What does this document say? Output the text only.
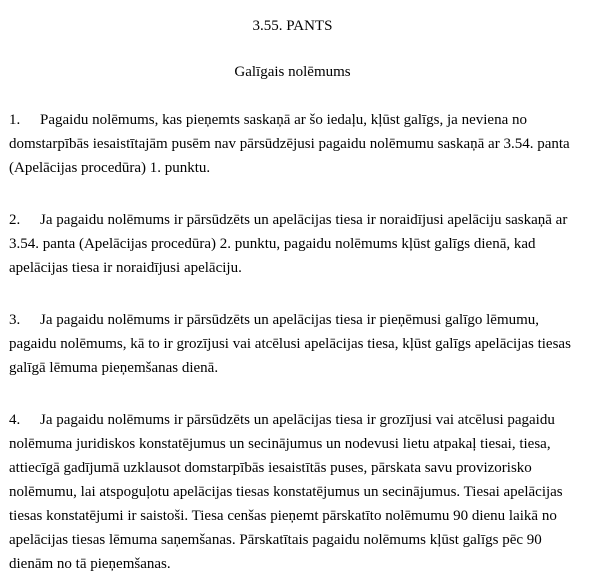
3.55. PANTS
Galīgais nolēmums

1. Pagaidu nolēmums, kas pieņemts saskaņā ar šo iedaļu, kļūst galīgs, ja neviena no domstarpībās iesaistītajām pusēm nav pārsūdzējusi pagaidu nolēmumu saskaņā ar 3.54. panta (Apelācijas procedūra) 1. punktu.

2. Ja pagaidu nolēmums ir pārsūdzēts un apelācijas tiesa ir noraidījusi apelāciju saskaņā ar 3.54. panta (Apelācijas procedūra) 2. punktu, pagaidu nolēmums kļūst galīgs dienā, kad apelācijas tiesa ir noraidījusi apelāciju.

3. Ja pagaidu nolēmums ir pārsūdzēts un apelācijas tiesa ir pieņēmusi galīgo lēmumu, pagaidu nolēmums, kā to ir grozījusi vai atcēlusi apelācijas tiesa, kļūst galīgs apelācijas tiesas galīgā lēmuma pieņemšanas dienā.

4. Ja pagaidu nolēmums ir pārsūdzēts un apelācijas tiesa ir grozījusi vai atcēlusi pagaidu nolēmuma juridiskos konstatējumus un secinājumus un nodevusi lietu atpakaļ tiesai, tiesa, attiecīgā gadījumā uzklausot domstarpībās iesaistītās puses, pārskata savu provizorisko nolēmumu, lai atspoguļotu apelācijas tiesas konstatējumus un secinājumus. Tiesai apelācijas tiesas konstatējumi ir saistoši. Tiesa cenšas pieņemt pārskatīto nolēmumu 90 dienu laikā no apelācijas tiesas lēmuma saņemšanas. Pārskatītais pagaidu nolēmums kļūst galīgs pēc 90 dienām no tā pieņemšanas.
